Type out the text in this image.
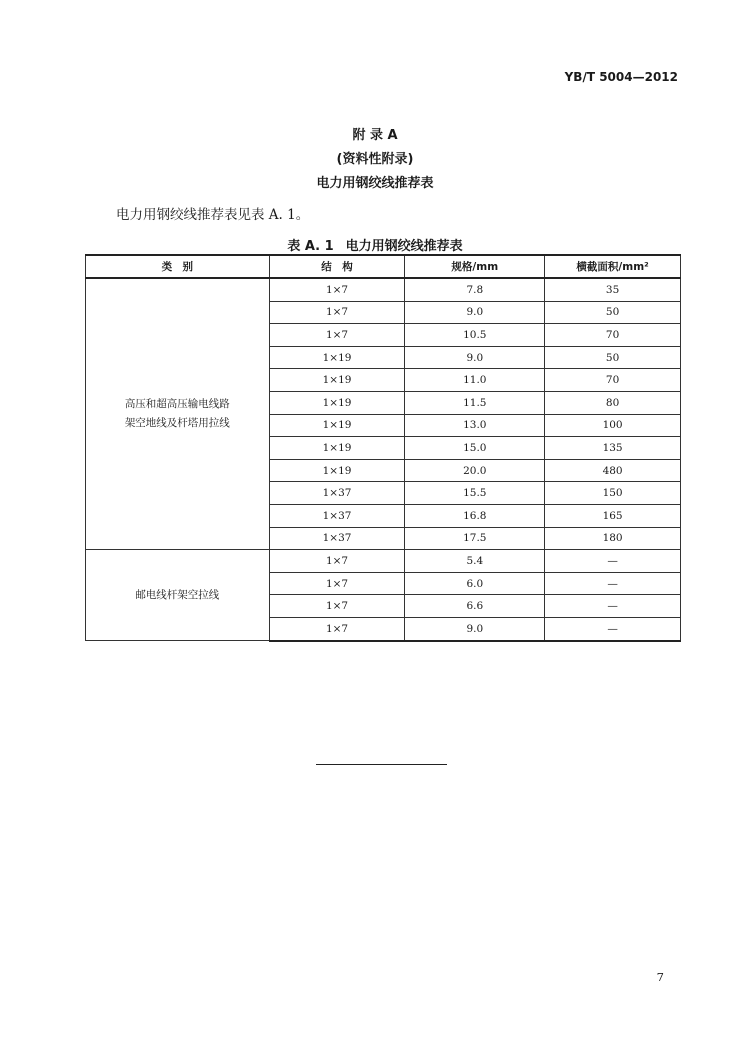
YB/T 5004—2012
附 录 A
(资料性附录)
电力用钢绞线推荐表
电力用钢绞线推荐表见表 A. 1。
表 A. 1 电力用钢绞线推荐表
类　别	结　构	规格/mm	横截面积/mm²

高压和超高压输电线路
架空地线及杆塔用拉线	1×7	7.8	35
	1×7	9.0	50
	1×7	10.5	70
	1×19	9.0	50
	1×19	11.0	70
	1×19	11.5	80
	1×19	13.0	100
	1×19	15.0	135
	1×19	20.0	480
	1×37	15.5	150
	1×37	16.8	165
	1×37	17.5	180

邮电线杆架空拉线	1×7	5.4	—
	1×7	6.0	—
	1×7	6.6	—
	1×7	9.0	—
7
